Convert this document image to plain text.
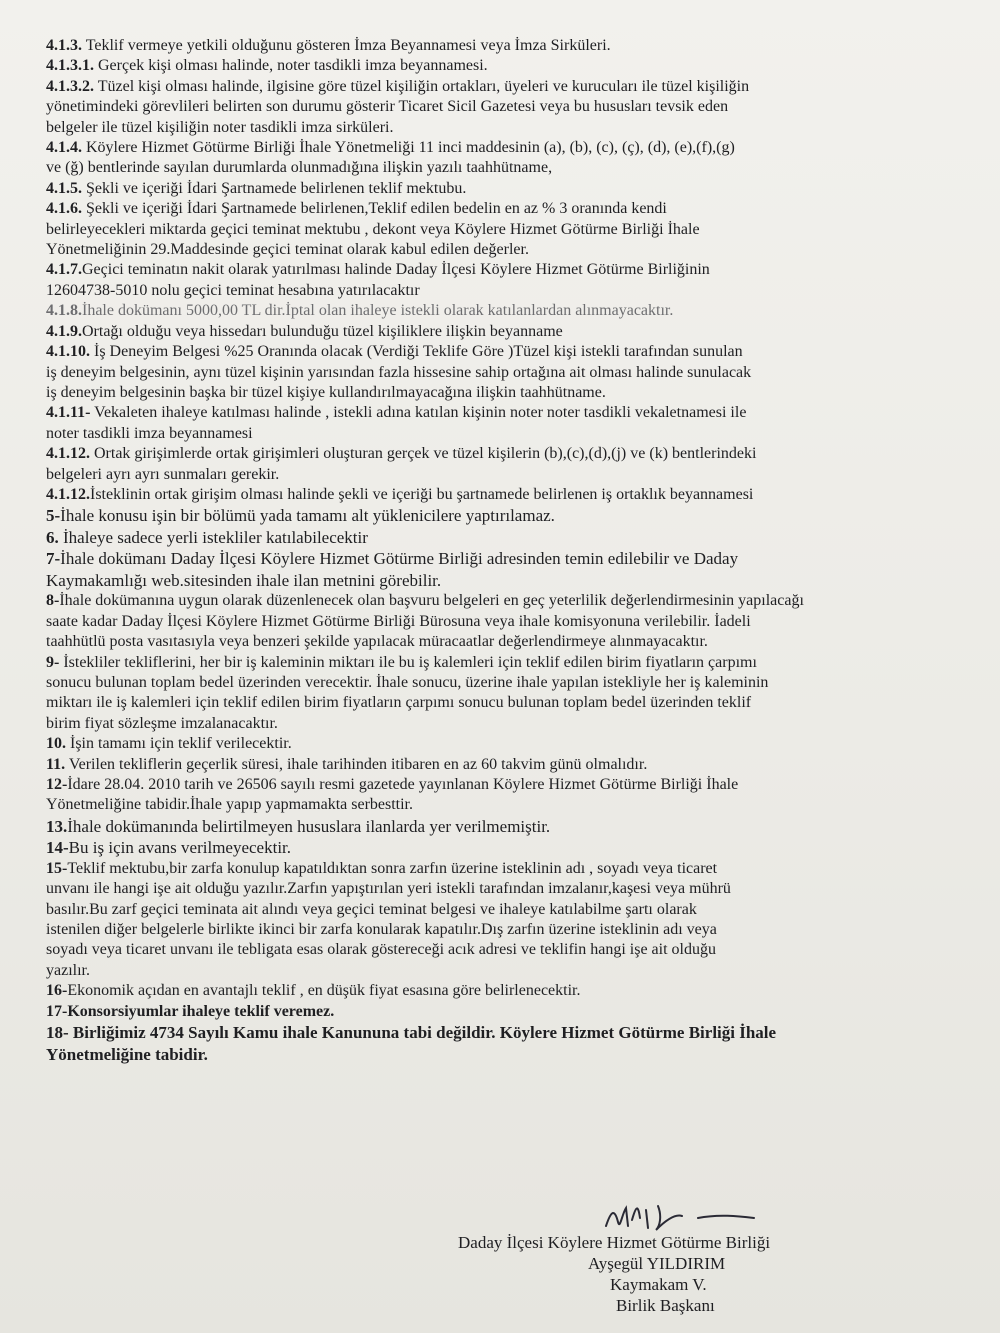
4.1.3. Teklif vermeye yetkili olduğunu gösteren İmza Beyannamesi veya İmza Sirküleri.

4.1.3.1. Gerçek kişi olması halinde, noter tasdikli imza beyannamesi.

4.1.3.2. Tüzel kişi olması halinde, ilgisine göre tüzel kişiliğin ortakları, üyeleri ve kurucuları ile tüzel kişiliğin

yönetimindeki görevlileri belirten son durumu gösterir Ticaret Sicil Gazetesi veya bu hususları tevsik eden

belgeler ile tüzel kişiliğin noter tasdikli imza sirküleri.

4.1.4. Köylere Hizmet Götürme Birliği İhale Yönetmeliği 11 inci maddesinin (a), (b), (c), (ç), (d), (e),(f),(g)

ve (ğ) bentlerinde sayılan durumlarda olunmadığına ilişkin yazılı taahhütname,

4.1.5. Şekli ve içeriği İdari Şartnamede belirlenen teklif mektubu.

4.1.6. Şekli ve içeriği İdari Şartnamede belirlenen,Teklif edilen bedelin en az % 3 oranında kendi

belirleyecekleri miktarda geçici teminat mektubu , dekont veya Köylere Hizmet Götürme Birliği İhale

Yönetmeliğinin 29.Maddesinde geçici teminat olarak kabul edilen değerler.

4.1.7.Geçici teminatın nakit olarak yatırılması halinde Daday İlçesi Köylere Hizmet Götürme Birliğinin

12604738-5010 nolu geçici teminat hesabına yatırılacaktır

4.1.8.İhale dokümanı 5000,00 TL dir.İptal olan ihaleye istekli olarak katılanlardan alınmayacaktır.

4.1.9.Ortağı olduğu veya hissedarı bulunduğu tüzel kişiliklere ilişkin beyanname

4.1.10. İş Deneyim Belgesi %25 Oranında olacak (Verdiği Teklife Göre )Tüzel kişi istekli tarafından sunulan

iş deneyim belgesinin, aynı tüzel kişinin yarısından fazla hissesine sahip ortağına ait olması halinde sunulacak

iş deneyim belgesinin başka bir tüzel kişiye kullandırılmayacağına ilişkin taahhütname.

4.1.11- Vekaleten ihaleye katılması halinde , istekli adına katılan kişinin noter noter tasdikli vekaletnamesi ile

noter tasdikli imza beyannamesi

4.1.12. Ortak girişimlerde ortak girişimleri oluşturan gerçek ve tüzel kişilerin (b),(c),(d),(j) ve (k) bentlerindeki

belgeleri ayrı ayrı sunmaları gerekir.

4.1.12.İsteklinin ortak girişim olması halinde şekli ve içeriği bu şartnamede belirlenen iş ortaklık beyannamesi

5-İhale konusu işin bir bölümü yada tamamı alt yüklenicilere yaptırılamaz.

6. İhaleye sadece yerli istekliler katılabilecektir

7-İhale dokümanı Daday İlçesi Köylere Hizmet Götürme Birliği adresinden temin edilebilir ve Daday

Kaymakamlığı web.sitesinden ihale ilan metnini görebilir.

8-İhale dokümanına uygun olarak düzenlenecek olan başvuru belgeleri en geç yeterlilik değerlendirmesinin yapılacağı

saate kadar Daday İlçesi Köylere Hizmet Götürme Birliği Bürosuna veya ihale komisyonuna verilebilir. İadeli

taahhütlü posta vasıtasıyla veya benzeri şekilde yapılacak müracaatlar değerlendirmeye alınmayacaktır.

9- İstekliler tekliflerini, her bir iş kaleminin miktarı ile bu iş kalemleri için teklif edilen birim fiyatların çarpımı

sonucu bulunan toplam bedel üzerinden verecektir. İhale sonucu, üzerine ihale yapılan istekliyle her iş kaleminin

miktarı ile iş kalemleri için teklif edilen birim fiyatların çarpımı sonucu bulunan toplam bedel üzerinden teklif

birim fiyat sözleşme imzalanacaktır.

10. İşin tamamı için teklif verilecektir.

11. Verilen tekliflerin geçerlik süresi, ihale tarihinden itibaren en az 60 takvim günü olmalıdır.

12-İdare 28.04. 2010 tarih ve 26506 sayılı resmi gazetede yayınlanan Köylere Hizmet Götürme Birliği İhale

Yönetmeliğine tabidir.İhale yapıp yapmamakta serbesttir.

13.İhale dokümanında belirtilmeyen hususlara ilanlarda yer verilmemiştir.

14-Bu iş için avans verilmeyecektir.

15-Teklif mektubu,bir zarfa konulup kapatıldıktan sonra zarfın üzerine isteklinin adı , soyadı veya ticaret

unvanı ile hangi işe ait olduğu yazılır.Zarfın yapıştırılan yeri istekli tarafından imzalanır,kaşesi veya mührü

basılır.Bu zarf geçici teminata ait alındı veya geçici teminat belgesi ve ihaleye katılabilme şartı olarak

istenilen diğer belgelerle birlikte ikinci bir zarfa konularak kapatılır.Dış zarfın üzerine isteklinin adı veya

soyadı veya ticaret unvanı ile tebligata esas olarak göstereceği acık adresi ve teklifin hangi işe ait olduğu

yazılır.

16-Ekonomik açıdan en avantajlı teklif , en düşük fiyat esasına göre belirlenecektir.

17-Konsorsiyumlar ihaleye teklif veremez.

18- Birliğimiz 4734 Sayılı Kamu ihale Kanununa tabi değildir. Köylere Hizmet Götürme Birliği İhale

Yönetmeliğine tabidir.

Daday İlçesi Köylere Hizmet Götürme Birliği

Ayşegül YILDIRIM

Kaymakam V.

Birlik Başkanı
